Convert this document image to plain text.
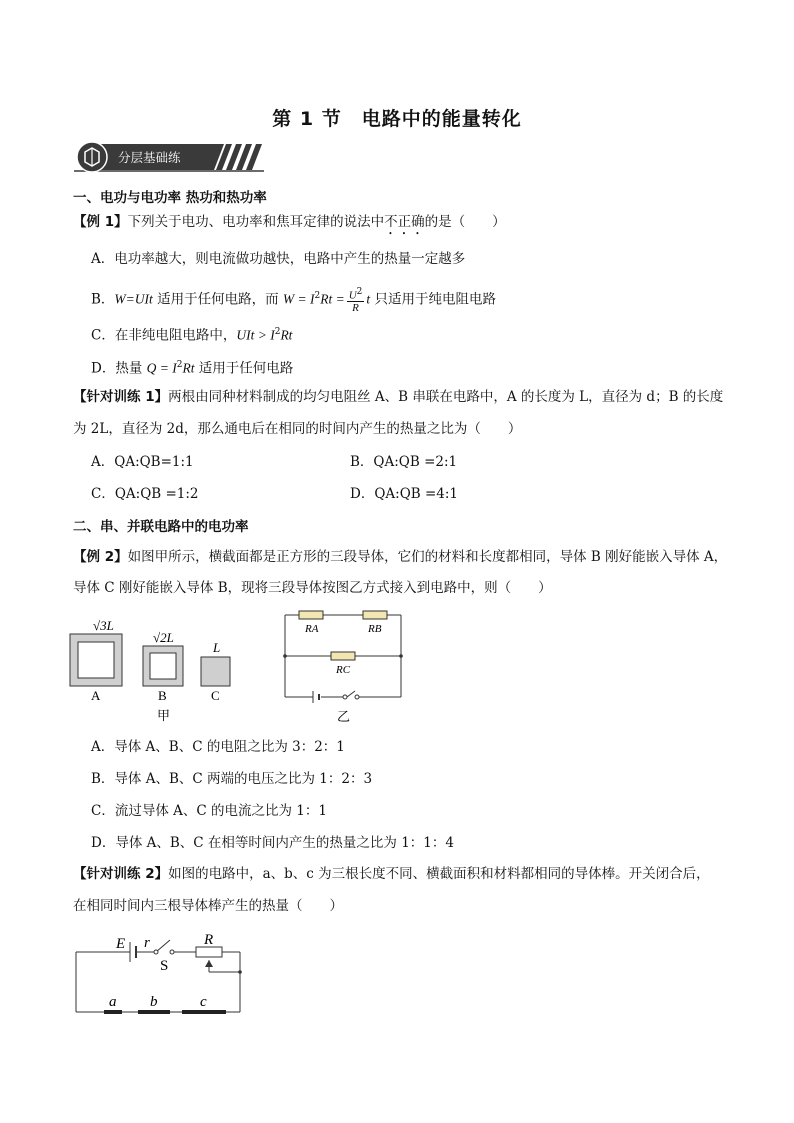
第 1 节　电路中的能量转化
分层基础练
一、电功与电功率 热功和热功率
【例 1】下列关于电功、电功率和焦耳定律的说法中不正确的是（　　）
A．电功率越大，则电流做功越快，电路中产生的热量一定越多
B．W=UIt 适用于任何电路，而 $W = I^2Rt = \frac{U^2}{R}$ t 只适用于纯电阻电路
C．在非纯电阻电路中，UIt > $I^2Rt$
D．热量 $Q = I^2Rt$ 适用于任何电路
【针对训练 1】两根由同种材料制成的均匀电阻丝 A、B 串联在电路中，A 的长度为 L，直径为 d；B 的长度
为 2L，直径为 2d，那么通电后在相同的时间内产生的热量之比为（　　）
A．QA:QB=1:1	B．QA:QB =2:1
C．QA:QB =1:2	D．QA:QB =4:1
二、串、并联电路中的电功率
【例 2】如图甲所示，横截面都是正方形的三段导体，它们的材料和长度都相同，导体 B 刚好能嵌入导体 A，
导体 C 刚好能嵌入导体 B，现将三段导体按图乙方式接入到电路中，则（　　）
√3L
A
√2L
B
L
C
甲
RA	RB
RC
乙
A．导体 A、B、C 的电阻之比为 3：2：1
B．导体 A、B、C 两端的电压之比为 1：2：3
C．流过导体 A、C 的电流之比为 1：1
D．导体 A、B、C 在相等时间内产生的热量之比为 1：1：4
【针对训练 2】如图的电路中，a、b、c 为三根长度不同、横截面积和材料都相同的导体棒。开关闭合后，
在相同时间内三根导体棒产生的热量（　　）
E r
S
R
a b	c
